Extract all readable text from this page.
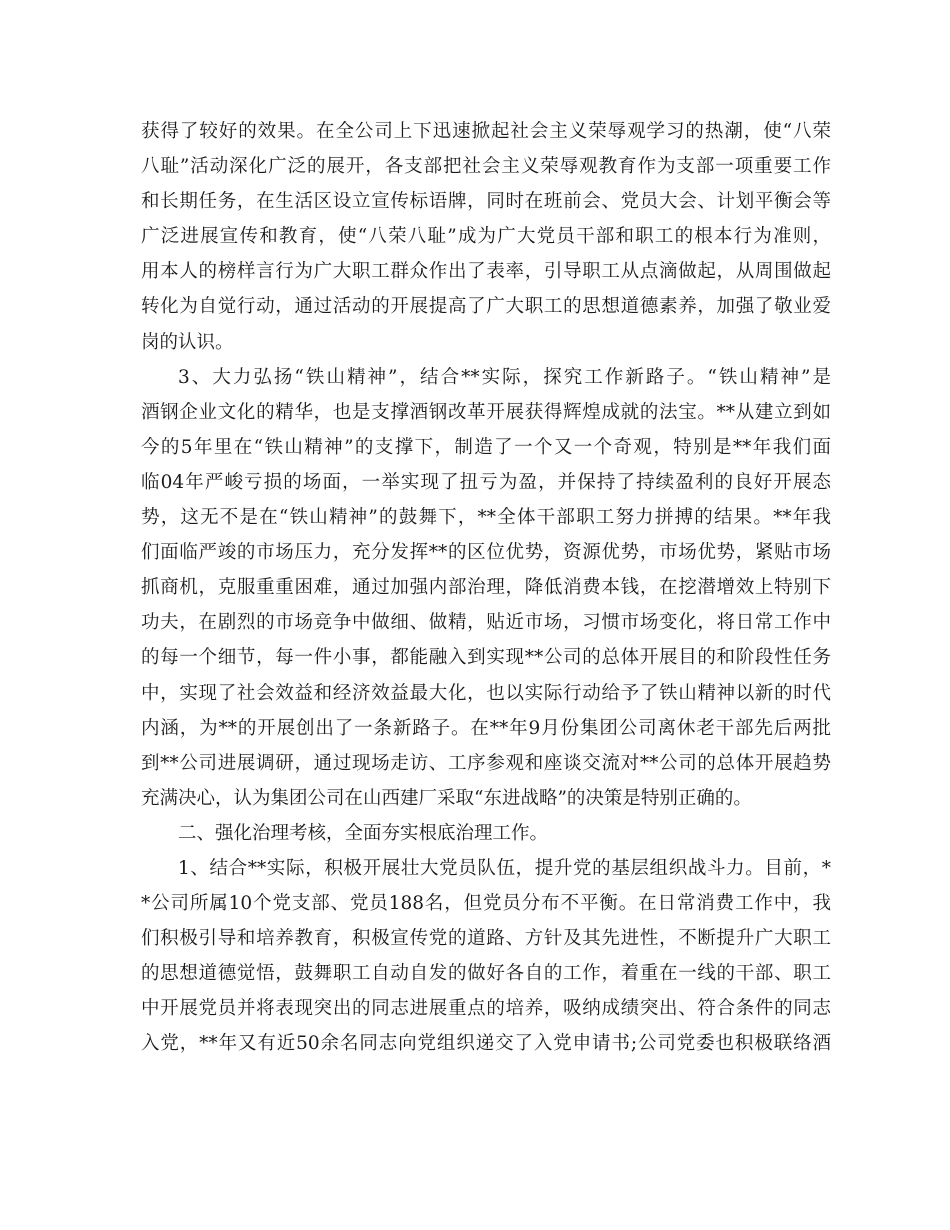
获得了较好的效果。在全公司上下迅速掀起社会主义荣辱观学习的热潮，使“八荣
八耻”活动深化广泛的展开，各支部把社会主义荣辱观教育作为支部一项重要工作
和长期任务，在生活区设立宣传标语牌，同时在班前会、党员大会、计划平衡会等
广泛进展宣传和教育，使“八荣八耻”成为广大党员干部和职工的根本行为准则，
用本人的榜样言行为广大职工群众作出了表率，引导职工从点滴做起，从周围做起
转化为自觉行动，通过活动的开展提高了广大职工的思想道德素养，加强了敬业爱
岗的认识。
3、大力弘扬“铁山精神”，结合**实际，探究工作新路子。“铁山精神”是
酒钢企业文化的精华，也是支撑酒钢改革开展获得辉煌成就的法宝。**从建立到如
今的5年里在“铁山精神”的支撑下，制造了一个又一个奇观，特别是**年我们面
临04年严峻亏损的场面，一举实现了扭亏为盈，并保持了持续盈利的良好开展态
势，这无不是在“铁山精神”的鼓舞下，**全体干部职工努力拼搏的结果。**年我
们面临严竣的市场压力，充分发挥**的区位优势，资源优势，市场优势，紧贴市场
抓商机，克服重重困难，通过加强内部治理，降低消费本钱，在挖潜增效上特别下
功夫，在剧烈的市场竞争中做细、做精，贴近市场，习惯市场变化，将日常工作中
的每一个细节，每一件小事，都能融入到实现**公司的总体开展目的和阶段性任务
中，实现了社会效益和经济效益最大化，也以实际行动给予了铁山精神以新的时代
内涵，为**的开展创出了一条新路子。在**年9月份集团公司离休老干部先后两批
到**公司进展调研，通过现场走访、工序参观和座谈交流对**公司的总体开展趋势
充满决心，认为集团公司在山西建厂采取“东进战略”的决策是特别正确的。
二、强化治理考核，全面夯实根底治理工作。
1、结合**实际，积极开展壮大党员队伍，提升党的基层组织战斗力。目前，*
*公司所属10个党支部、党员188名，但党员分布不平衡。在日常消费工作中，我
们积极引导和培养教育，积极宣传党的道路、方针及其先进性，不断提升广大职工
的思想道德觉悟，鼓舞职工自动自发的做好各自的工作，着重在一线的干部、职工
中开展党员并将表现突出的同志进展重点的培养，吸纳成绩突出、符合条件的同志
入党，**年又有近50余名同志向党组织递交了入党申请书;公司党委也积极联络酒
